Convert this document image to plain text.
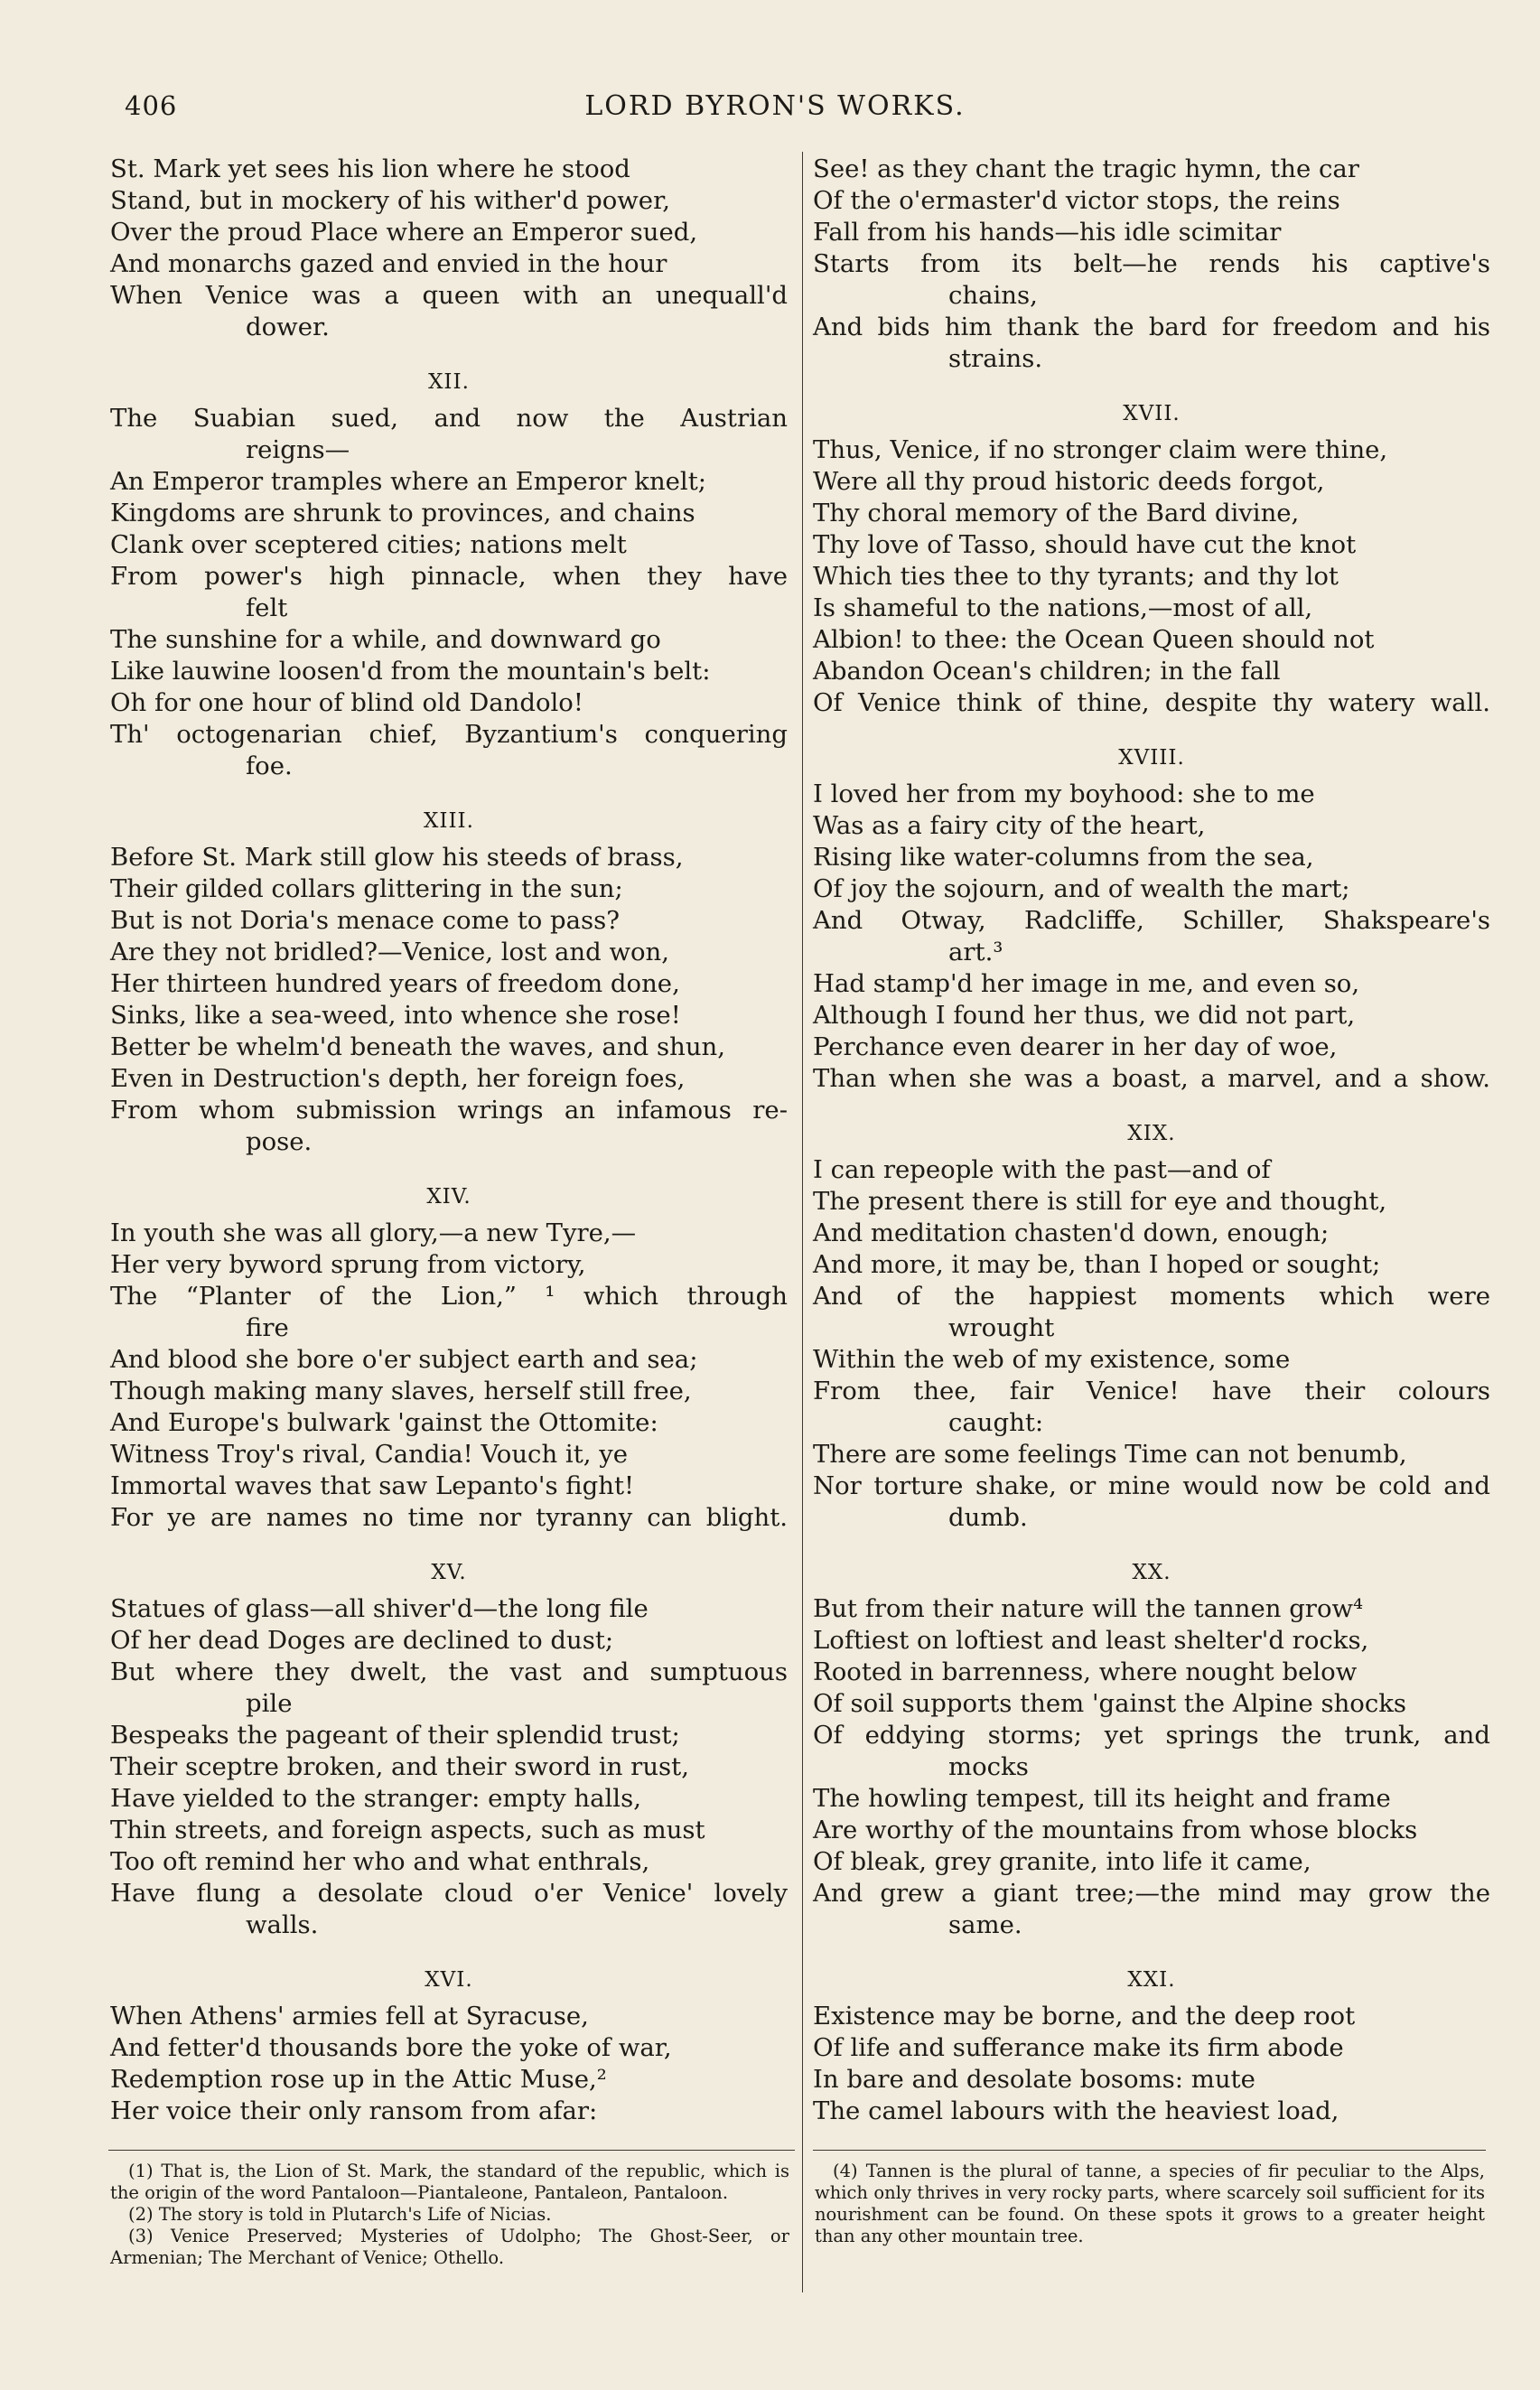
406	LORD BYRON'S WORKS.
St. Mark yet sees his lion where he stood
Stand, but in mockery of his wither'd power,
Over the proud Place where an Emperor sued,
And monarchs gazed and envied in the hour
When Venice was a queen with an unequall'd
dower.
XII.
The Suabian sued, and now the Austrian
reigns—
An Emperor tramples where an Emperor knelt;
Kingdoms are shrunk to provinces, and chains
Clank over sceptered cities; nations melt
From power's high pinnacle, when they have
felt
The sunshine for a while, and downward go
Like lauwine loosen'd from the mountain's belt:
Oh for one hour of blind old Dandolo!
Th' octogenarian chief, Byzantium's conquering
foe.
XIII.
Before St. Mark still glow his steeds of brass,
Their gilded collars glittering in the sun;
But is not Doria's menace come to pass?
Are they not bridled?—Venice, lost and won,
Her thirteen hundred years of freedom done,
Sinks, like a sea-weed, into whence she rose!
Better be whelm'd beneath the waves, and shun,
Even in Destruction's depth, her foreign foes,
From whom submission wrings an infamous re-
pose.
XIV.
In youth she was all glory,—a new Tyre,—
Her very byword sprung from victory,
The “Planter of the Lion,” ¹ which through
fire
And blood she bore o'er subject earth and sea;
Though making many slaves, herself still free,
And Europe's bulwark 'gainst the Ottomite:
Witness Troy's rival, Candia! Vouch it, ye
Immortal waves that saw Lepanto's fight!
For ye are names no time nor tyranny can blight.
XV.
Statues of glass—all shiver'd—the long file
Of her dead Doges are declined to dust;
But where they dwelt, the vast and sumptuous
pile
Bespeaks the pageant of their splendid trust;
Their sceptre broken, and their sword in rust,
Have yielded to the stranger: empty halls,
Thin streets, and foreign aspects, such as must
Too oft remind her who and what enthrals,
Have flung a desolate cloud o'er Venice' lovely
walls.
XVI.
When Athens' armies fell at Syracuse,
And fetter'd thousands bore the yoke of war,
Redemption rose up in the Attic Muse,²
Her voice their only ransom from afar:
See! as they chant the tragic hymn, the car
Of the o'ermaster'd victor stops, the reins
Fall from his hands—his idle scimitar
Starts from its belt—he rends his captive's
chains,
And bids him thank the bard for freedom and his
strains.
XVII.
Thus, Venice, if no stronger claim were thine,
Were all thy proud historic deeds forgot,
Thy choral memory of the Bard divine,
Thy love of Tasso, should have cut the knot
Which ties thee to thy tyrants; and thy lot
Is shameful to the nations,—most of all,
Albion! to thee: the Ocean Queen should not
Abandon Ocean's children; in the fall
Of Venice think of thine, despite thy watery wall.
XVIII.
I loved her from my boyhood: she to me
Was as a fairy city of the heart,
Rising like water-columns from the sea,
Of joy the sojourn, and of wealth the mart;
And Otway, Radcliffe, Schiller, Shakspeare's
art.³
Had stamp'd her image in me, and even so,
Although I found her thus, we did not part,
Perchance even dearer in her day of woe,
Than when she was a boast, a marvel, and a show.
XIX.
I can repeople with the past—and of
The present there is still for eye and thought,
And meditation chasten'd down, enough;
And more, it may be, than I hoped or sought;
And of the happiest moments which were
wrought
Within the web of my existence, some
From thee, fair Venice! have their colours
caught:
There are some feelings Time can not benumb,
Nor torture shake, or mine would now be cold and
dumb.
XX.
But from their nature will the tannen grow⁴
Loftiest on loftiest and least shelter'd rocks,
Rooted in barrenness, where nought below
Of soil supports them 'gainst the Alpine shocks
Of eddying storms; yet springs the trunk, and
mocks
The howling tempest, till its height and frame
Are worthy of the mountains from whose blocks
Of bleak, grey granite, into life it came,
And grew a giant tree;—the mind may grow the
same.
XXI.
Existence may be borne, and the deep root
Of life and sufferance make its firm abode
In bare and desolate bosoms: mute
The camel labours with the heaviest load,

(1) That is, the Lion of St. Mark, the standard of the republic, which is the origin of the word Pantaloon—Piantaleone, Pantaleon, Pantaloon.

(2) The story is told in Plutarch's Life of Nicias.

(3) Venice Preserved; Mysteries of Udolpho; The Ghost-Seer, or Armenian; The Merchant of Venice; Othello.

(4) Tannen is the plural of tanne, a species of fir peculiar to the Alps, which only thrives in very rocky parts, where scarcely soil sufficient for its nourishment can be found. On these spots it grows to a greater height than any other mountain tree.
